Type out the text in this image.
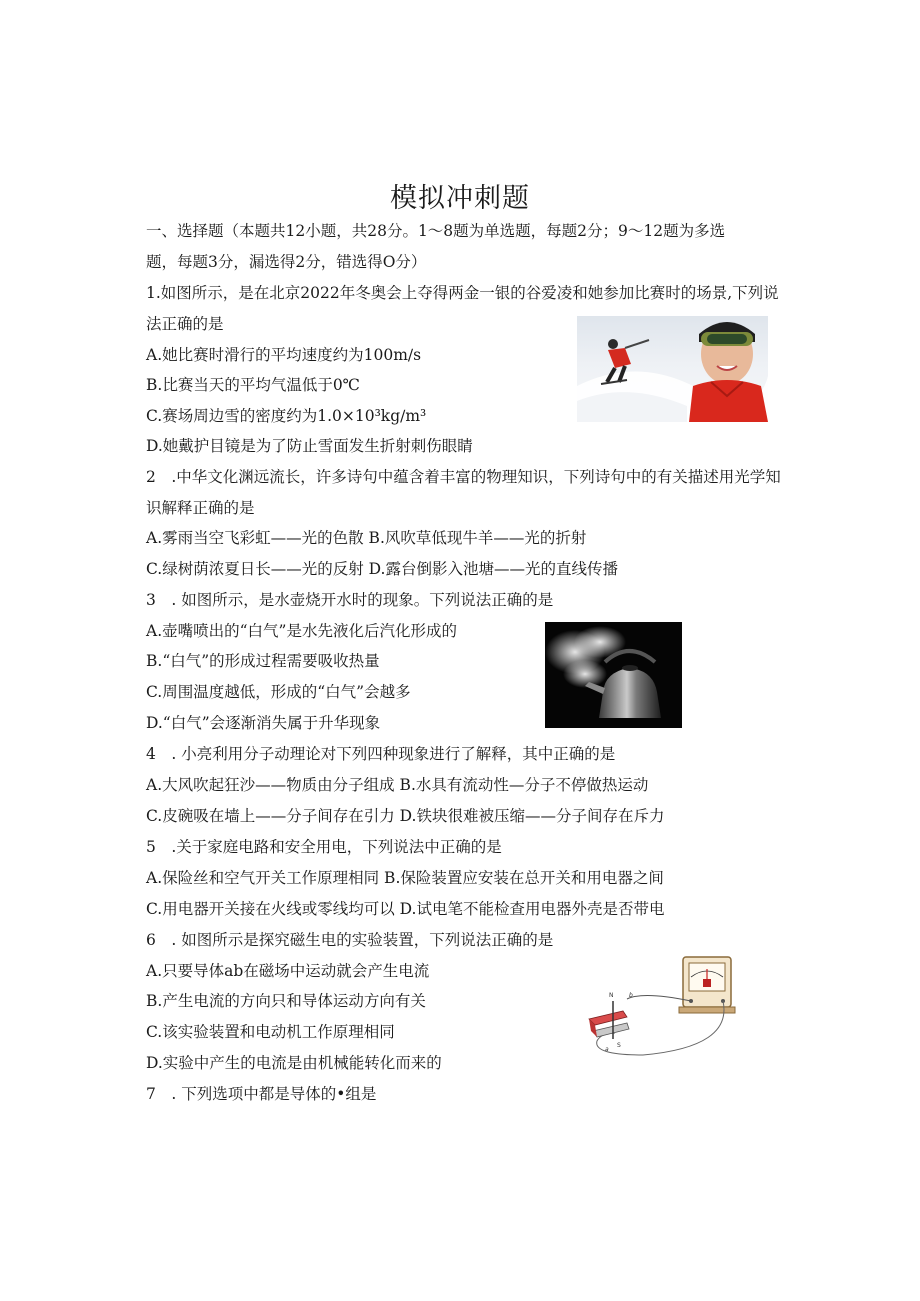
模拟冲刺题
一、选择题（本题共12小题，共28分。1～8题为单选题，每题2分；9～12题为多选
题，每题3分，漏选得2分，错选得O分）
1.如图所示，是在北京2022年冬奥会上夺得两金一银的谷爱凌和她参加比赛时的场景,下列说
法正确的是
A.她比赛时滑行的平均速度约为100m∕s
B.比赛当天的平均气温低于0℃
C.赛场周边雪的密度约为1.0×10³kg∕m³
D.她戴护目镜是为了防止雪面发生折射刺伤眼睛
2　.中华文化渊远流长，许多诗句中蕴含着丰富的物理知识，下列诗句中的有关描述用光学知
识解释正确的是
A.雾雨当空飞彩虹——光的色散 B.风吹草低现牛羊——光的折射
C.绿树荫浓夏日长——光的反射 D.露台倒影入池塘——光的直线传播
3　. 如图所示，是水壶烧开水时的现象。下列说法正确的是
A.壶嘴喷出的“白气”是水先液化后汽化形成的
B.“白气”的形成过程需要吸收热量
C.周围温度越低，形成的“白气”会越多
D.“白气”会逐渐消失属于升华现象
4　. 小亮利用分子动理论对下列四种现象进行了解释，其中正确的是
A.大风吹起狂沙——物质由分子组成 B.水具有流动性—分子不停做热运动
C.皮碗吸在墙上——分子间存在引力 D.铁块很难被压缩——分子间存在斥力
5　.关于家庭电路和安全用电，下列说法中正确的是
A.保险丝和空气开关工作原理相同 B.保险装置应安装在总开关和用电器之间
C.用电器开关接在火线或零线均可以 D.试电笔不能检查用电器外壳是否带电
6　. 如图所示是探究磁生电的实验装置，下列说法正确的是
A.只要导体ab在磁场中运动就会产生电流
B.产生电流的方向只和导体运动方向有关
C.该实验装置和电动机工作原理相同
D.实验中产生的电流是由机械能转化而来的
7　. 下列选项中都是导体的•组是
N
S
a
b
